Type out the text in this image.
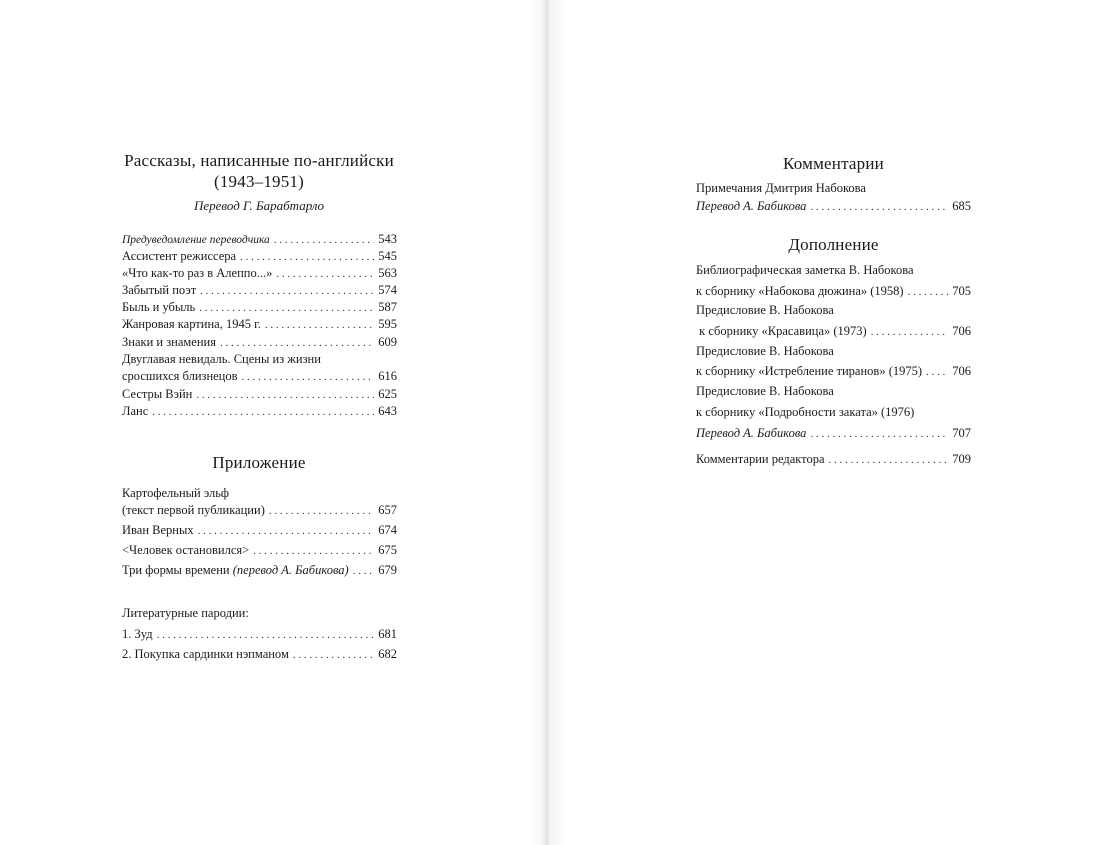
Рассказы, написанные по-английски
(1943–1951)
Перевод Г. Барабтарло
Предуведомление переводчика . . .	543
Ассистент режиссера . . .	545
«Что как-то раз в Алеппо...» . . .	563
Забытый поэт . . .	574
Быль и убыль . . .	587
Жанровая картина, 1945 г. . . .	595
Знаки и знамения . . .	609
Двуглавая невидаль. Сцены из жизни
сросшихся близнецов . . .	616
Сестры Вэйн . . .	625
Ланс . . .	643
Приложение
Картофельный эльф
(текст первой публикации) . . .	657
Иван Верных . . .	674
<Человек остановился> . . .	675
Три формы времени (перевод А. Бабикова) . . . 679
Литературные пародии:
1. Зуд . . .	681
2. Покупка сардинки нэпманом . . .	682
Комментарии
Примечания Дмитрия Набокова
Перевод А. Бабикова . . .	685
Дополнение
Библиографическая заметка В. Набокова
к сборнику «Набокова дюжина» (1958) . . .	705
Предисловие В. Набокова
к сборнику «Красавица» (1973) . . .	706
Предисловие В. Набокова
к сборнику «Истребление тиранов» (1975) . . . 706
Предисловие В. Набокова
к сборнику «Подробности заката» (1976)
Перевод А. Бабикова . . .	707
Комментарии редактора . . .	709
